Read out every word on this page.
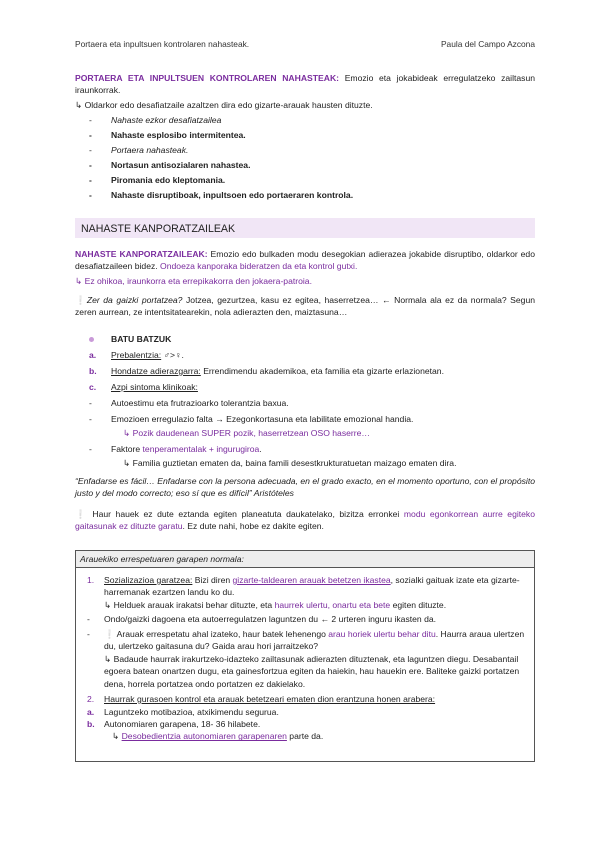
Portaera eta inpultsuen kontrolaren nahasteak.	Paula del Campo Azcona
PORTAERA ETA INPULTSUEN KONTROLAREN NAHASTEAK: Emozio eta jokabideak erregulatzeko zailtasun iraunkorrak.
↳ Oldarkor edo desafiatzaile azaltzen dira edo gizarte-arauak hausten dituzte.
- Nahaste ezkor desafiatzailea
- Nahaste esplosibo intermitentea.
- Portaera nahasteak.
- Nortasun antisozialaren nahastea.
- Piromania edo kleptomania.
- Nahaste disruptiboak, inpultsoen edo portaeraren kontrola.
NAHASTE KANPORATZAILEAK
NAHASTE KANPORATZAILEAK: Emozio edo bulkaden modu desegokian adierazea jokabide disruptibo, oldarkor edo desafiatzaileen bidez. Ondoeza kanporaka bideratzen da eta kontrol gutxi.
↳ Ez ohikoa, iraunkorra eta errepikakorra den jokaera-patroia.
❕Zer da gaizki portatzea? Jotzea, gezurtzea, kasu ez egitea, haserretzea… ← Normala ala ez da normala? Segun zeren aurrean, ze intentsitatearekin, nola adierazten den, maiztasuna…
BATU BATZUK
a. Prebalentzia: ♂>♀.
b. Hondatze adierazgarra: Errendimendu akademikoa, eta familia eta gizarte erlazionetan.
c. Azpi sintoma klinikoak:
- Autoestimu eta frutrazioarko tolerantzia baxua.
- Emozioen erregulazio falta → Ezegonkortasuna eta labilitate emozional handia.
↳ Pozik daudenean SUPER pozik, haserretzean OSO haserre…
- Faktore tenperamentalak + ingurugiroa.
↳ Familia guztietan ematen da, baina famili desestkrukturatuetan maizago ematen dira.
“Enfadarse es fácil… Enfadarse con la persona adecuada, en el grado exacto, en el momento oportuno, con el propósito justo y del modo correcto; eso sí que es difícil” Aristóteles
❕ Haur hauek ez dute eztanda egiten planeatuta daukatelako, bizitza erronkei modu egonkorrean aurre egiteko gaitasunak ez dituzte garatu. Ez dute nahi, hobe ez dakite egiten.
Arauekiko errespetuaren garapen normala:
1. Sozializazioa garatzea: Bizi diren gizarte-taldearen arauak betetzen ikastea, sozialki gaituak izate eta gizarte-harremanak ezartzen landu ko du.
↳ Helduek arauak irakatsi behar dituzte, eta haurrek ulertu, onartu eta bete egiten dituzte.
- Ondo/gaizki dagoena eta autoerregulatzen laguntzen du ← 2 urteren inguru ikasten da.
- ❕ Arauak errespetatu ahal izateko, haur batek lehenengo arau horiek ulertu behar ditu. Haurra araua ulertzen du, ulertzeko gaitasuna du? Gaida arau hori jarraitzeko?
↳ Badaude haurrak irakurtzeko-idazteko zailtasunak adierazten dituztenak, eta laguntzen diegu. Desabantail egoera batean onartzen dugu, eta gainesfortzua egiten da haiekin, hau hauekin ere. Baliteke gaizki portatzen dena, horrela portatzea ondo portatzen ez dakielako.
2. Haurrak gurasoen kontrol eta arauak betetzeari ematen dion erantzuna honen arabera:
a. Laguntzeko motibazioa, atxikimendu segurua.
b. Autonomiaren garapena, 18- 36 hilabete.
↳ Desobedientzia autonomiaren garapenaren parte da.
